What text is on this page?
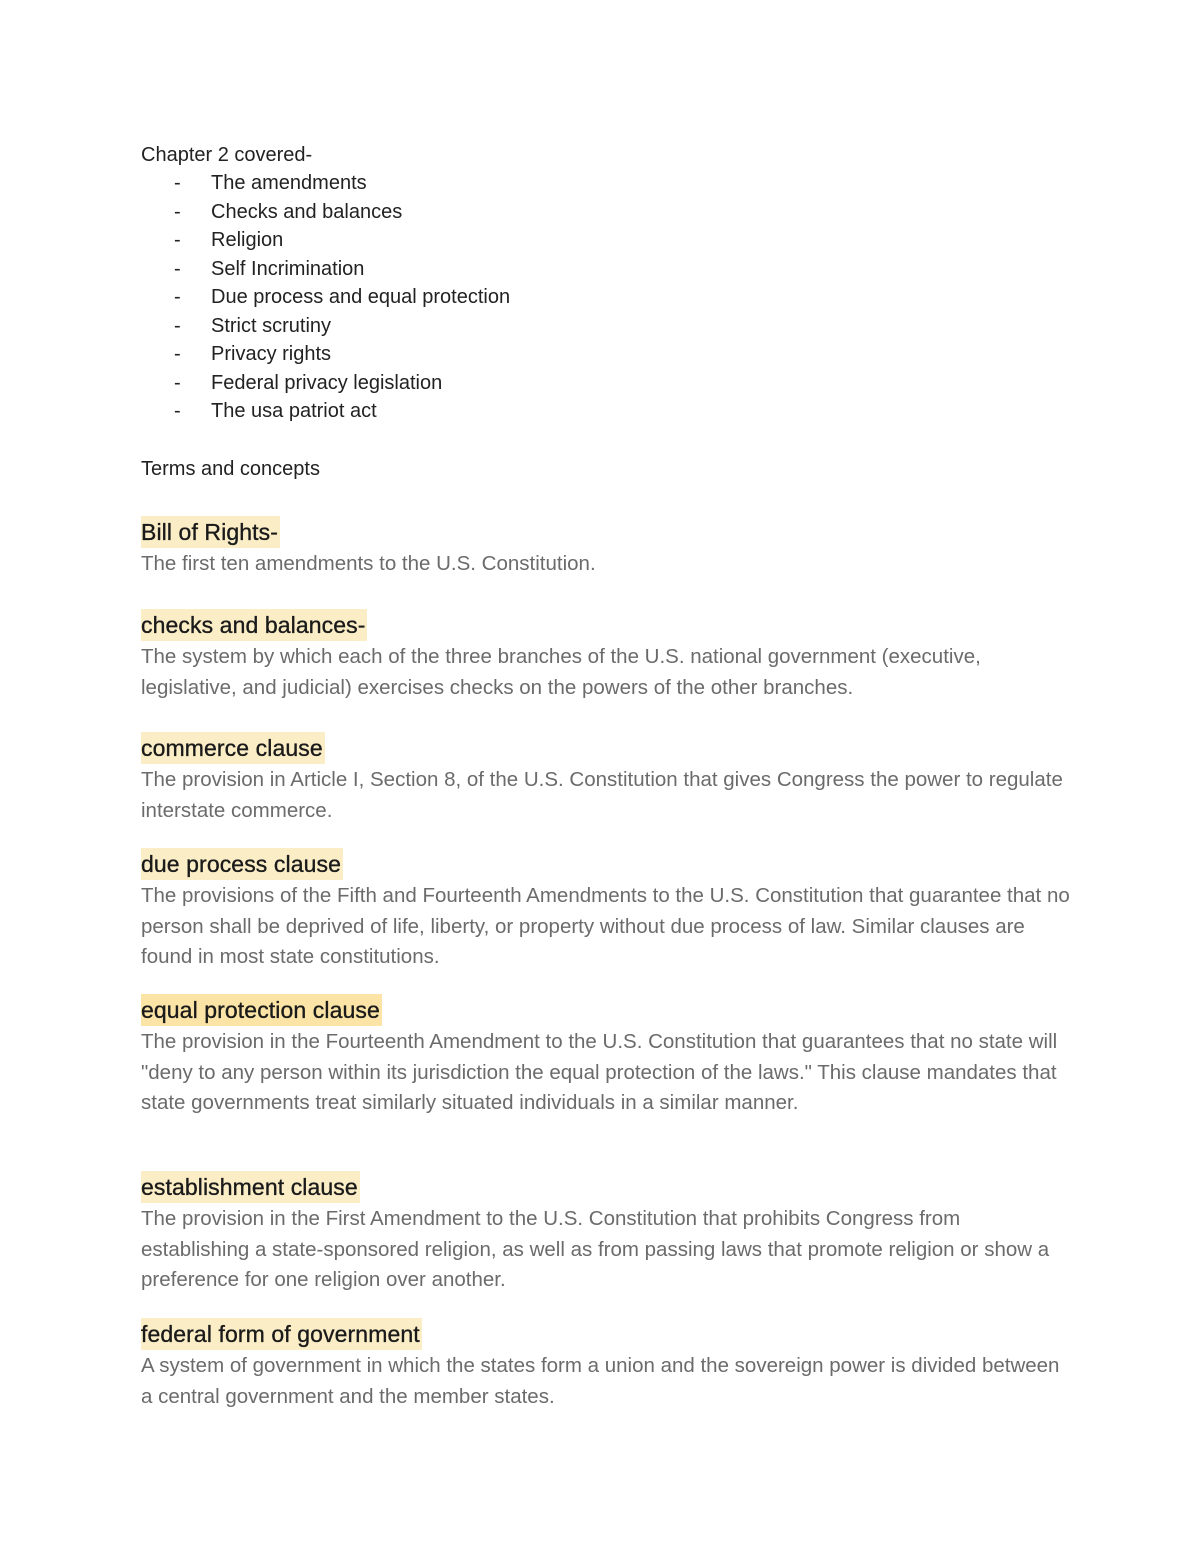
Chapter 2 covered-
- The amendments
- Checks and balances
- Religion
- Self Incrimination
- Due process and equal protection
- Strict scrutiny
- Privacy rights
- Federal privacy legislation
- The usa patriot act
Terms and concepts
Bill of Rights-
The first ten amendments to the U.S. Constitution.
checks and balances-
The system by which each of the three branches of the U.S. national government (executive, legislative, and judicial) exercises checks on the powers of the other branches.
commerce clause
The provision in Article I, Section 8, of the U.S. Constitution that gives Congress the power to regulate interstate commerce.
due process clause
The provisions of the Fifth and Fourteenth Amendments to the U.S. Constitution that guarantee that no person shall be deprived of life, liberty, or property without due process of law. Similar clauses are found in most state constitutions.
equal protection clause
The provision in the Fourteenth Amendment to the U.S. Constitution that guarantees that no state will "deny to any person within its jurisdiction the equal protection of the laws." This clause mandates that state governments treat similarly situated individuals in a similar manner.
establishment clause
The provision in the First Amendment to the U.S. Constitution that prohibits Congress from establishing a state-sponsored religion, as well as from passing laws that promote religion or show a preference for one religion over another.
federal form of government
A system of government in which the states form a union and the sovereign power is divided between a central government and the member states.
